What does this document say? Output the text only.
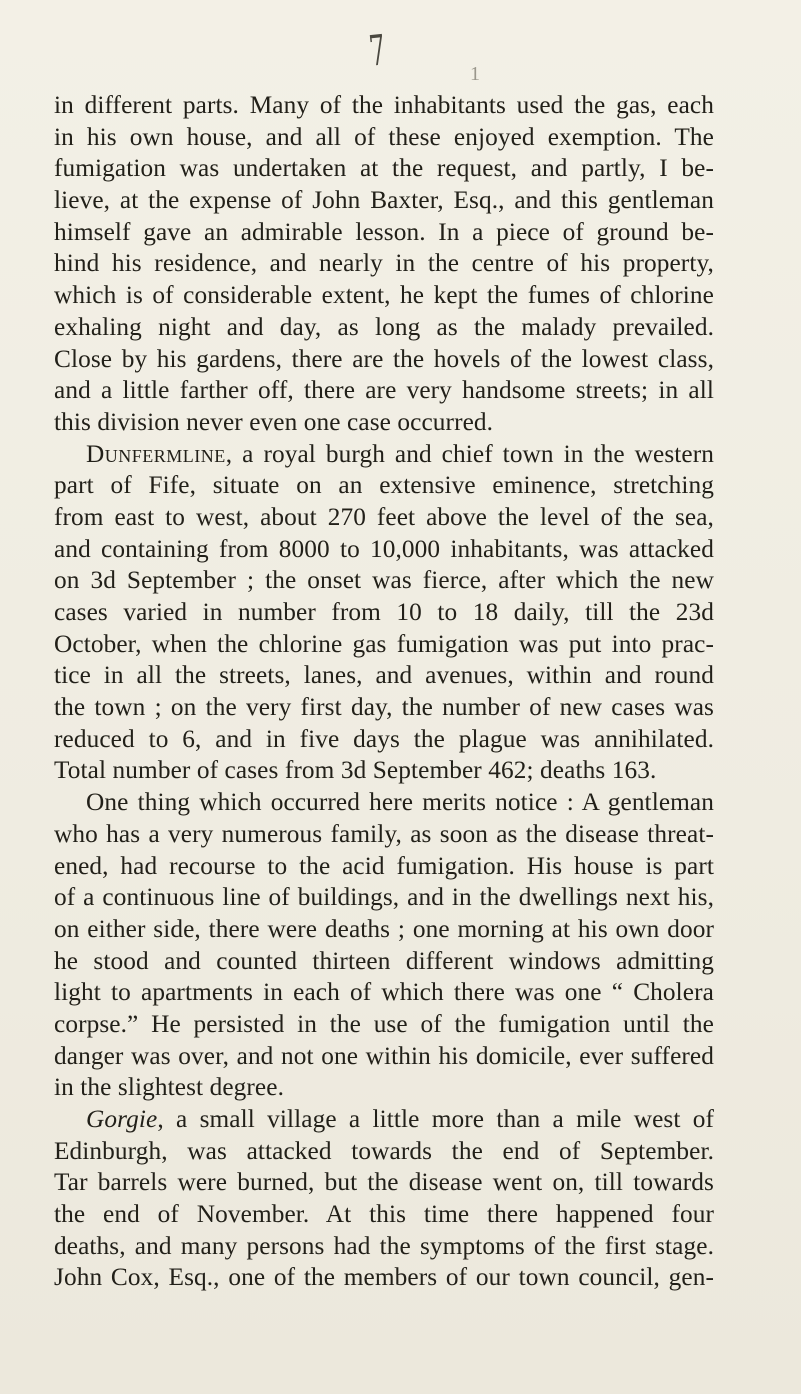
7	1
in different parts. Many of the inhabitants used the gas, each
in his own house, and all of these enjoyed exemption. The
fumigation was undertaken at the request, and partly, I be-
lieve, at the expense of John Baxter, Esq., and this gentleman
himself gave an admirable lesson. In a piece of ground be-
hind his residence, and nearly in the centre of his property,
which is of considerable extent, he kept the fumes of chlorine
exhaling night and day, as long as the malady prevailed.
Close by his gardens, there are the hovels of the lowest class,
and a little farther off, there are very handsome streets; in all
this division never even one case occurred.
Dunfermline, a royal burgh and chief town in the western
part of Fife, situate on an extensive eminence, stretching
from east to west, about 270 feet above the level of the sea,
and containing from 8000 to 10,000 inhabitants, was attacked
on 3d September ; the onset was fierce, after which the new
cases varied in number from 10 to 18 daily, till the 23d
October, when the chlorine gas fumigation was put into prac-
tice in all the streets, lanes, and avenues, within and round
the town ; on the very first day, the number of new cases was
reduced to 6, and in five days the plague was annihilated.
Total number of cases from 3d September 462; deaths 163.
One thing which occurred here merits notice : A gentleman
who has a very numerous family, as soon as the disease threat-
ened, had recourse to the acid fumigation. His house is part
of a continuous line of buildings, and in the dwellings next his,
on either side, there were deaths ; one morning at his own door
he stood and counted thirteen different windows admitting
light to apartments in each of which there was one “ Cholera
corpse.” He persisted in the use of the fumigation until the
danger was over, and not one within his domicile, ever suffered
in the slightest degree.
Gorgie, a small village a little more than a mile west of
Edinburgh, was attacked towards the end of September.
Tar barrels were burned, but the disease went on, till towards
the end of November. At this time there happened four
deaths, and many persons had the symptoms of the first stage.
John Cox, Esq., one of the members of our town council, gen-
